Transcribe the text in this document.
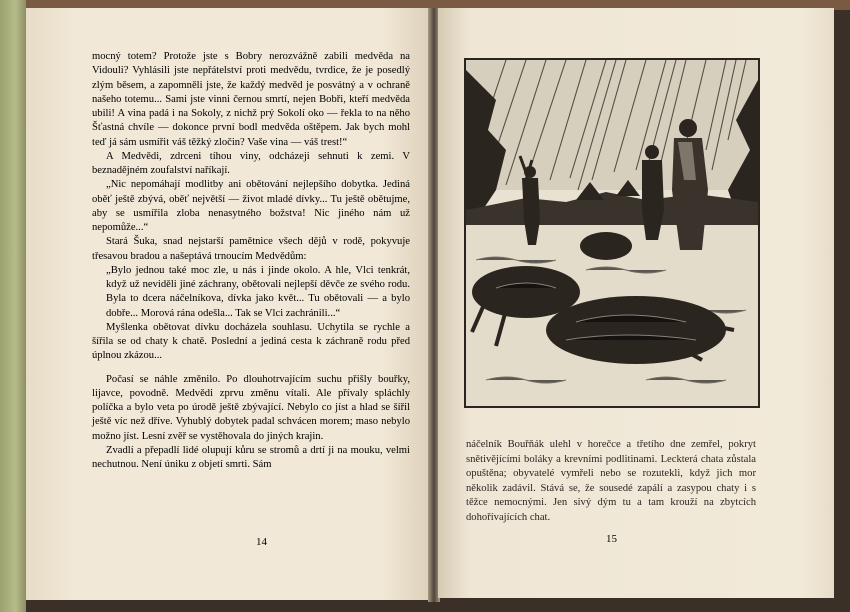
mocný totem? Protože jste s Bobry nerozvážně zabili medvěda na Vidouli? Vyhlásili jste nepřátelství proti medvědu, tvrdice, že je posedlý zlým běsem, a zapomněli jste, že každý medvěd je posvátný a v ochraně našeho totemu... Sami jste vinni černou smrtí, nejen Bobři, kteří medvěda ubili! A vina padá i na Sokoly, z nichž prý Sokolí oko — řekla to na něho Šťastná chvíle — dokonce první bodl medvěda oštěpem. Jak bych mohl teď já sám usmířit váš těžký zločin? Vaše vina — váš trest!“

A Medvědi, zdrceni tíhou viny, odcházeji sehnuti k zemi. V beznadějném zoufalství naříkají.

„Nic nepomáhají modlitby ani obětování nejlepšího dobytka. Jediná oběť ještě zbývá, oběť největší — život mladé dívky... Tu ještě obětujme, aby se usmířila zloba nenasytného božstva! Nic jiného nám už nepomůže...“

Stará Šuka, snad nejstarší pamětnice všech dějů v rodě, pokyvuje třesavou bradou a našeptává trnoucím Medvědům:

„Bylo jednou také moc zle, u nás i jinde okolo. A hle, Vlci tenkrát, když už neviděli jiné záchrany, obětovali nejlepší děvče ze svého rodu. Byla to dcera náčelníkova, dívka jako květ... Tu obětovali — a bylo dobře... Morová rána odešla... Tak se Vlci zachránili...“

Myšlenka obětovat dívku docházela souhlasu. Uchytila se rychle a šířila se od chaty k chatě. Poslední a jediná cesta k záchraně rodu před úplnou zkázou...

Počasí se náhle změnilo. Po dlouhotrvajícím suchu přišly bouřky, lijavce, povodně. Medvědi zprvu změnu vítali. Ale přívaly spláchly políčka a bylo veta po úrodě ještě zbývající. Nebylo co jíst a hlad se šířil ještě víc než dříve. Vyhublý dobytek padal schvácen morem; maso nebylo možno jíst. Lesní zvěř se vystěhovala do jiných krajin.

Zvadlí a přepadlí lidé olupují kůru se stromů a drtí ji na mouku, velmi nechutnou. Není úniku z objetí smrti. Sám

14

náčelník Bouřňák ulehl v horečce a třetího dne zemřel, pokryt snětivějícími boláky a krevními podlitinami. Leckterá chata zůstala opuštěna; obyvatelé vymřeli nebo se rozutekli, když jich mor několik zadávil. Stává se, že sousedé zapálí a zasypou chaty i s těžce nemocnými. Jen sivý dým tu a tam krouží na zbytcích dohořívajících chat.

15
